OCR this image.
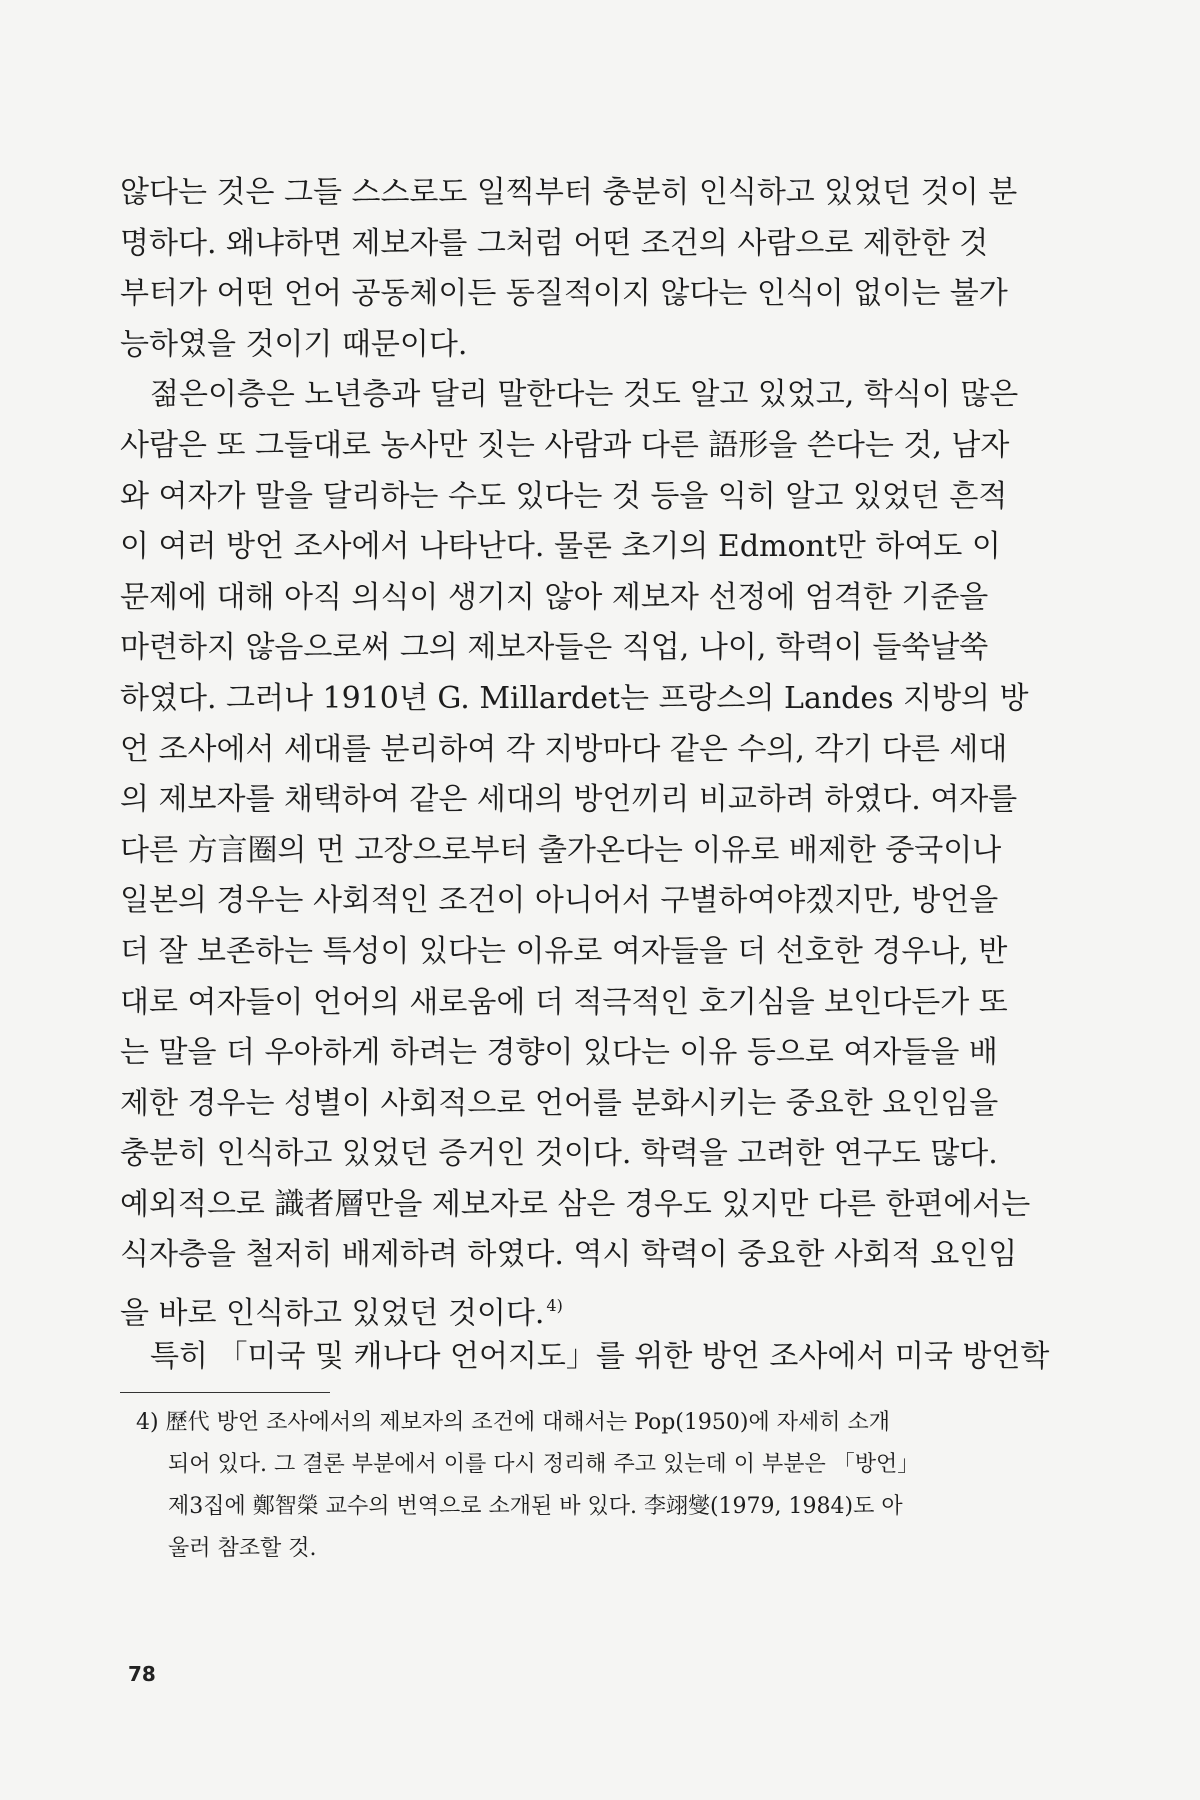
않다는 것은 그들 스스로도 일찍부터 충분히 인식하고 있었던 것이 분
명하다. 왜냐하면 제보자를 그처럼 어떤 조건의 사람으로 제한한 것
부터가 어떤 언어 공동체이든 동질적이지 않다는 인식이 없이는 불가
능하였을 것이기 때문이다.
젊은이층은 노년층과 달리 말한다는 것도 알고 있었고, 학식이 많은
사람은 또 그들대로 농사만 짓는 사람과 다른 語形을 쓴다는 것, 남자
와 여자가 말을 달리하는 수도 있다는 것 등을 익히 알고 있었던 흔적
이 여러 방언 조사에서 나타난다. 물론 초기의 Edmont만 하여도 이
문제에 대해 아직 의식이 생기지 않아 제보자 선정에 엄격한 기준을
마련하지 않음으로써 그의 제보자들은 직업, 나이, 학력이 들쑥날쑥
하였다. 그러나 1910년 G. Millardet는 프랑스의 Landes 지방의 방
언 조사에서 세대를 분리하여 각 지방마다 같은 수의, 각기 다른 세대
의 제보자를 채택하여 같은 세대의 방언끼리 비교하려 하였다. 여자를
다른 方言圈의 먼 고장으로부터 출가온다는 이유로 배제한 중국이나
일본의 경우는 사회적인 조건이 아니어서 구별하여야겠지만, 방언을
더 잘 보존하는 특성이 있다는 이유로 여자들을 더 선호한 경우나, 반
대로 여자들이 언어의 새로움에 더 적극적인 호기심을 보인다든가 또
는 말을 더 우아하게 하려는 경향이 있다는 이유 등으로 여자들을 배
제한 경우는 성별이 사회적으로 언어를 분화시키는 중요한 요인임을
충분히 인식하고 있었던 증거인 것이다. 학력을 고려한 연구도 많다.
예외적으로 識者層만을 제보자로 삼은 경우도 있지만 다른 한편에서는
식자층을 철저히 배제하려 하였다. 역시 학력이 중요한 사회적 요인임
을 바로 인식하고 있었던 것이다. $^{4)}$
특히 「미국 및 캐나다 언어지도」를 위한 방언 조사에서 미국 방언학
4) 歷代 방언 조사에서의 제보자의 조건에 대해서는 Pop(1950)에 자세히 소개
되어 있다. 그 결론 부분에서 이를 다시 정리해 주고 있는데 이 부분은 「방언」
제3집에 鄭智榮 교수의 번역으로 소개된 바 있다. 李翊燮(1979, 1984)도 아
울러 참조할 것.
78
